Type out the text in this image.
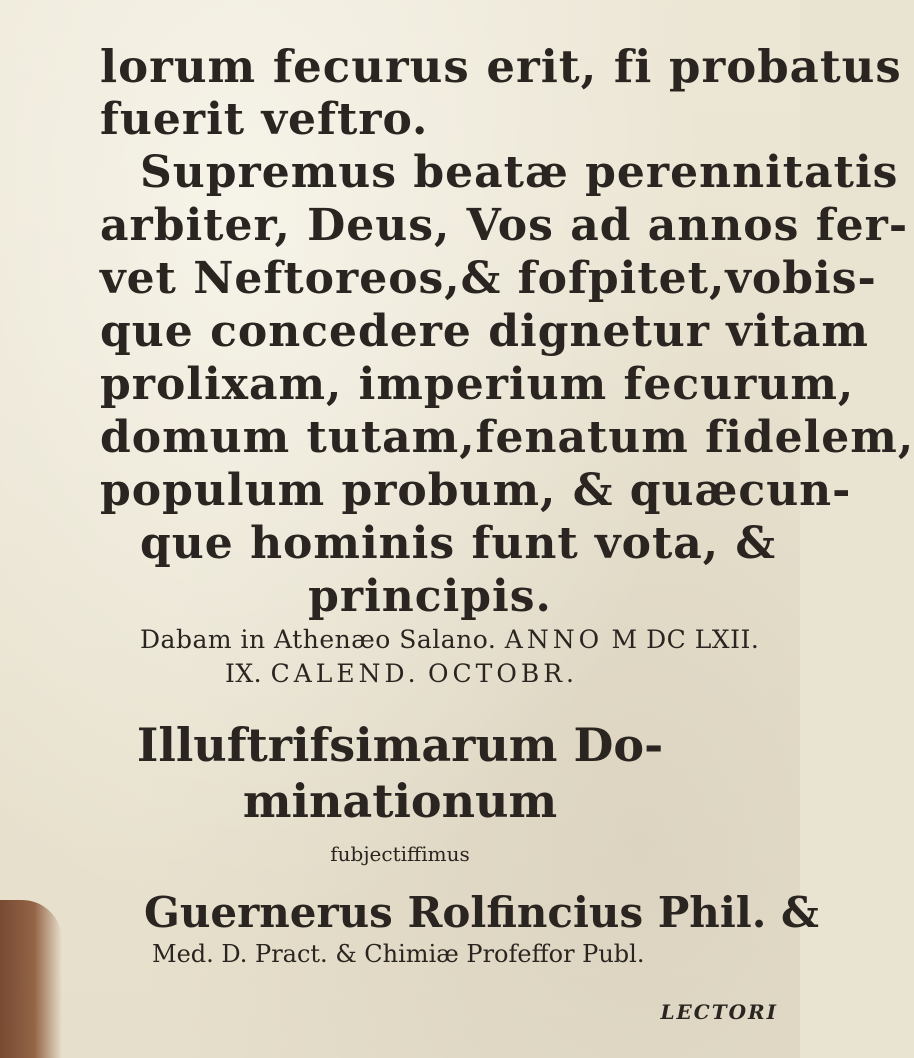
lorum fecurus erit, fi probatus
fuerit veftro.
Supremus beatæ perennitatis
arbiter, Deus, Vos ad annos fer-
vet Neftoreos,& fofpitet,vobis-
que concedere dignetur vitam
prolixam, imperium fecurum,
domum tutam,fenatum fidelem,
populum probum, & quæcun-
que hominis funt vota, &
principis.
Dabam in Athenæo Salano. ANNO M DC LXII.
IX. CALEND. OCTOBR.
Illuftrifsimarum Do-
minationum
fubjectiffimus
Guernerus Rolfincius Phil. &
Med. D. Pract. & Chimiæ Profeffor Publ.
LECTORI
